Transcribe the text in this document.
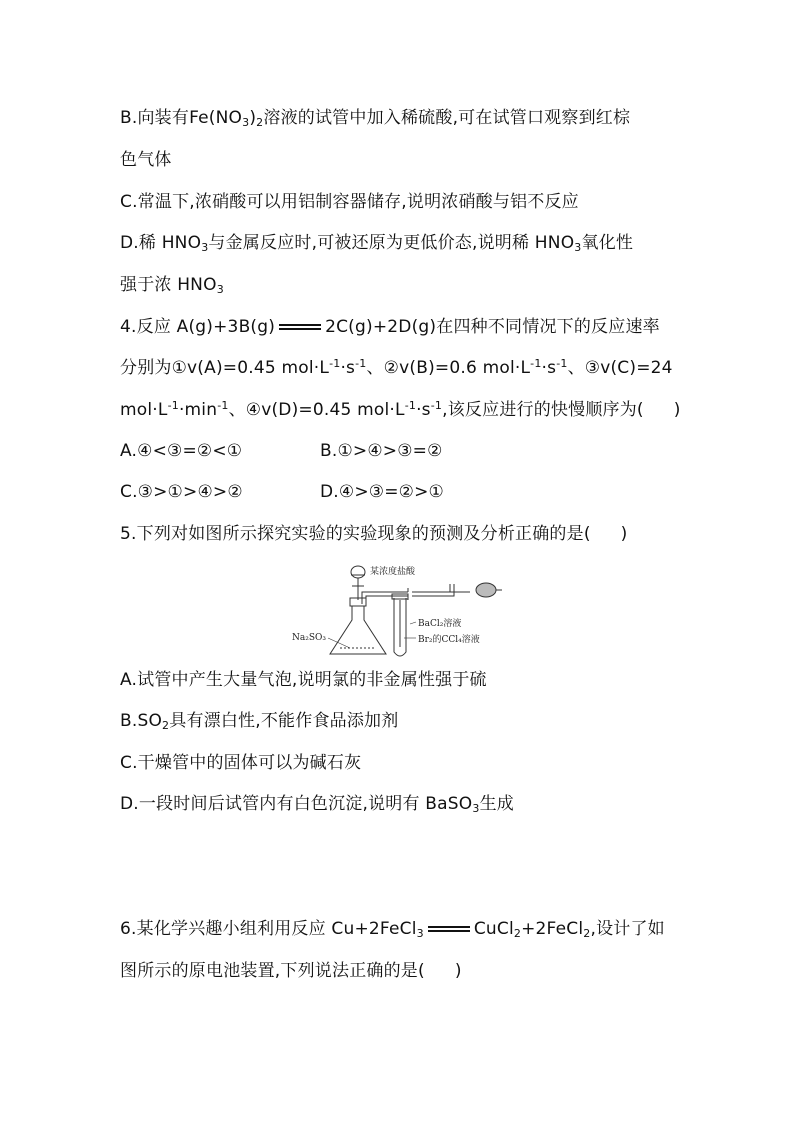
B.向装有$Fe(NO_3)_2$溶液的试管中加入稀硫酸,可在试管口观察到红棕
色气体
C.常温下,浓硝酸可以用铝制容器储存,说明浓硝酸与铝不反应
D.稀 $HNO_3$与金属反应时,可被还原为更低价态,说明稀 $HNO_3$氧化性
强于浓 $HNO_3$
4.反应 A(g)+3B(g)	2C(g)+2D(g)在四种不同情况下的反应速率
分别为①v(A)=0.45 $mol\cdot L^{-1}\cdot s^{-1}$、②v(B)=0.6 $mol\cdot L^{-1}\cdot s^{-1}$、③v(C)=24
$mol\cdot L^{-1}\cdot\min^{-1}$、④v(D)=0.45 $mol\cdot L^{-1}\cdot s^{-1}$,该反应进行的快慢顺序为( )
A.④<③=②<①	B.①>④>③=②
C.③>①>④>②	D.④>③=②>①
5.下列对如图所示探究实验的实验现象的预测及分析正确的是( )
某浓度盐酸
BaCl₂溶液
Br₂的CCl₄溶液
Na₂SO₃
A.试管中产生大量气泡,说明氯的非金属性强于硫
$B.SO_2$具有漂白性,不能作食品添加剂
C.干燥管中的固体可以为碱石灰
D.一段时间后试管内有白色沉淀,说明有 BaSO$_3$生成
6.某化学兴趣小组利用反应 Cu+2FeCl$_3$	CuCl$_2$+2FeCl$_2$,设计了如
图所示的原电池装置,下列说法正确的是( )
